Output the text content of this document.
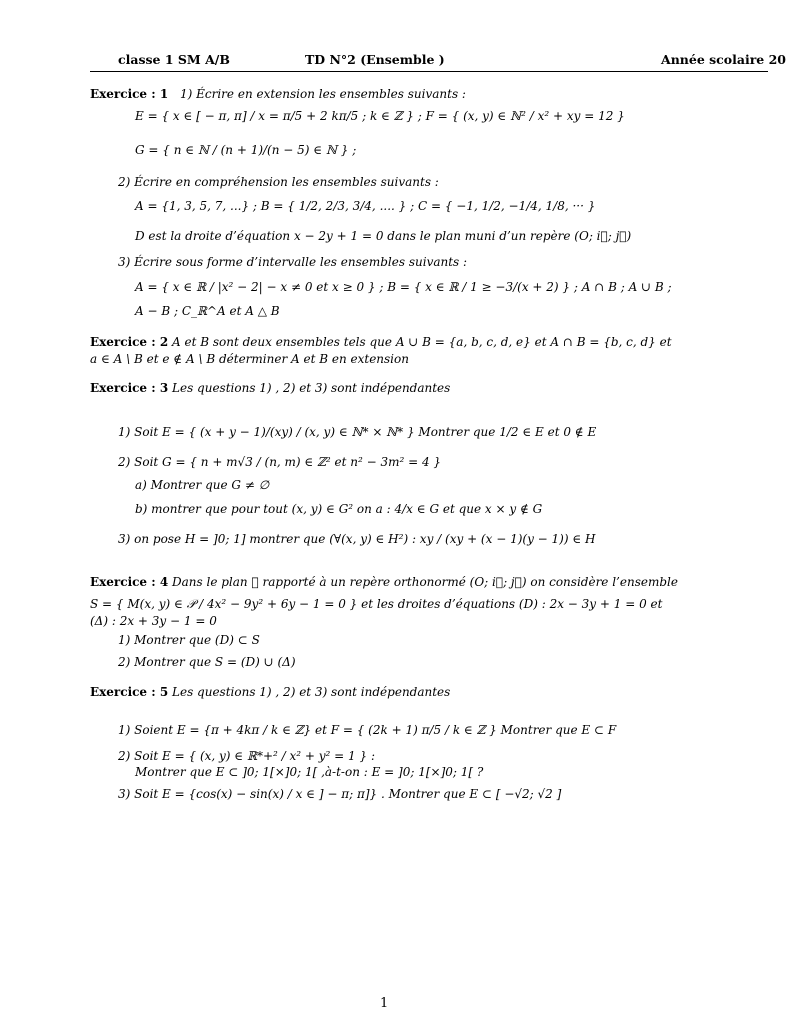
classe 1 SM A/B	TD N°2 (Ensemble )	Année scolaire 20
Exercice : 1 1) Écrire en extension les ensembles suivants :
E = { x ∈ [ − π, π] / x = π/5 + 2 kπ/5 ; k ∈ ℤ } ; F = { (x, y) ∈ ℕ² / x² + xy = 12 }
G = { n ∈ ℕ / (n + 1)/(n − 5) ∈ ℕ } ;
2) Écrire en compréhension les ensembles suivants :
A = {1, 3, 5, 7, ...} ; B = { 1/2, 2/3, 3/4, .... } ; C = { −1, 1/2, −1/4, 1/8, ··· }
D est la droite d’équation x − 2y + 1 = 0 dans le plan muni d’un repère (O; i⃗; j⃗)
3) Écrire sous forme d’intervalle les ensembles suivants :
A = { x ∈ ℝ / |x² − 2| − x ≠ 0 et x ≥ 0 } ; B = { x ∈ ℝ / 1 ≥ −3/(x + 2) } ; A ∩ B ; A ∪ B ;
A − B ; C_ℝ^A et A △ B
Exercice : 2 A et B sont deux ensembles tels que A ∪ B = {a, b, c, d, e} et A ∩ B = {b, c, d} et
a ∈ A \ B et e ∉ A \ B déterminer A et B en extension
Exercice : 3 Les questions 1) , 2) et 3) sont indépendantes
1) Soit E = { (x + y − 1)/(xy) / (x, y) ∈ ℕ* × ℕ* } Montrer que 1/2 ∈ E et 0 ∉ E
2) Soit G = { n + m√3 / (n, m) ∈ ℤ² et n² − 3m² = 4 }
a) Montrer que G ≠ ∅
b) montrer que pour tout (x, y) ∈ G² on a : 4/x ∈ G et que x × y ∉ G
3) on pose H = ]0; 1] montrer que (∀(x, y) ∈ H²) : xy / (xy + (x − 1)(y − 1)) ∈ H
Exercice : 4 Dans le plan 𝒫 rapporté à un repère orthonormé (O; i⃗; j⃗) on considère l’ensemble
S = { M(x, y) ∈ 𝒫 / 4x² − 9y² + 6y − 1 = 0 } et les droites d’équations (D) : 2x − 3y + 1 = 0 et
(Δ) : 2x + 3y − 1 = 0
1) Montrer que (D) ⊂ S
2) Montrer que S = (D) ∪ (Δ)
Exercice : 5 Les questions 1) , 2) et 3) sont indépendantes
1) Soient E = {π + 4kπ / k ∈ ℤ} et F = { (2k + 1) π/5 / k ∈ ℤ } Montrer que E ⊂ F
2) Soit E = { (x, y) ∈ ℝ*+² / x² + y² = 1 } :
Montrer que E ⊂ ]0; 1[×]0; 1[ ,à-t-on : E = ]0; 1[×]0; 1[ ?
3) Soit E = {cos(x) − sin(x) / x ∈ ] − π; π]} . Montrer que E ⊂ [ −√2; √2 ]
1
